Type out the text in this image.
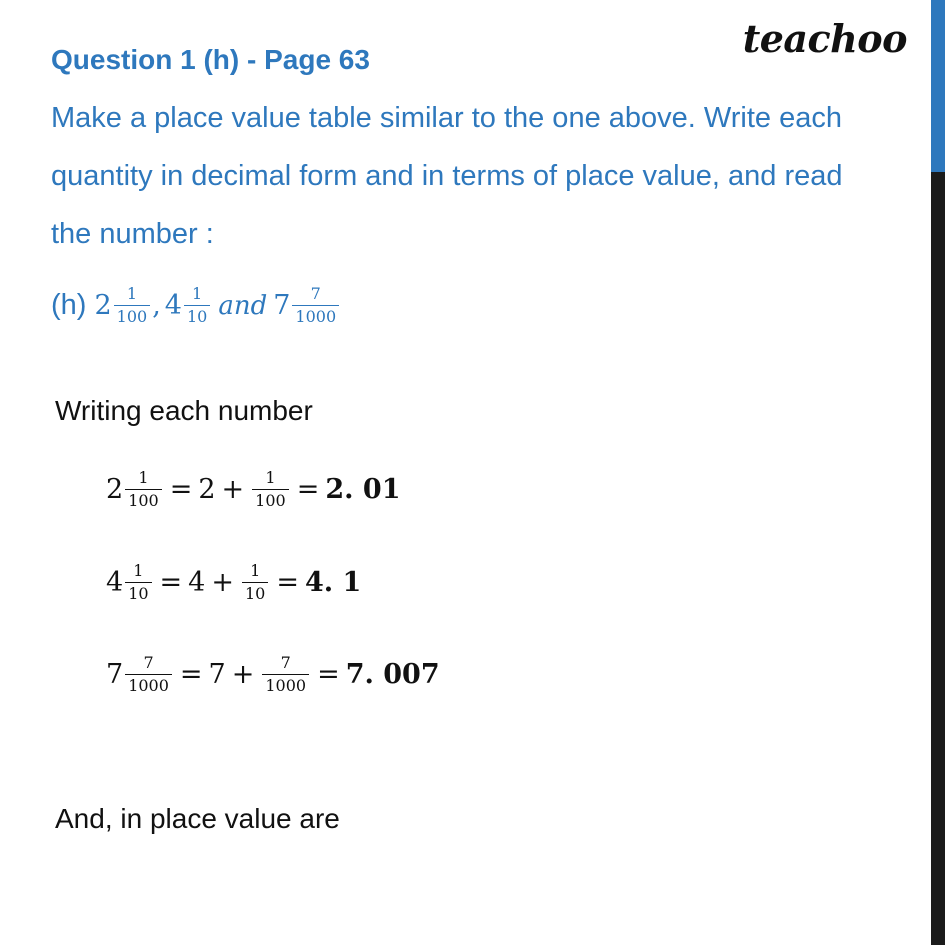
teachoo
Question 1 (h) - Page 63
Make a place value table similar to the one above. Write each
quantity in decimal form and in terms of place value, and read
the number :
(h) $2 \frac{1}{100}$ , $4 \frac{1}{10}$ and $7 \frac{7}{1000}$
Writing each number
$2 \frac{1}{100} = 2 + \frac{1}{100} = 2$. 01
$4 \frac{1}{10} = 4 + \frac{1}{10} = 4$. 1
$7 \frac{7}{1000} = 7 + \frac{7}{1000} = 7$. 007
And, in place value are
